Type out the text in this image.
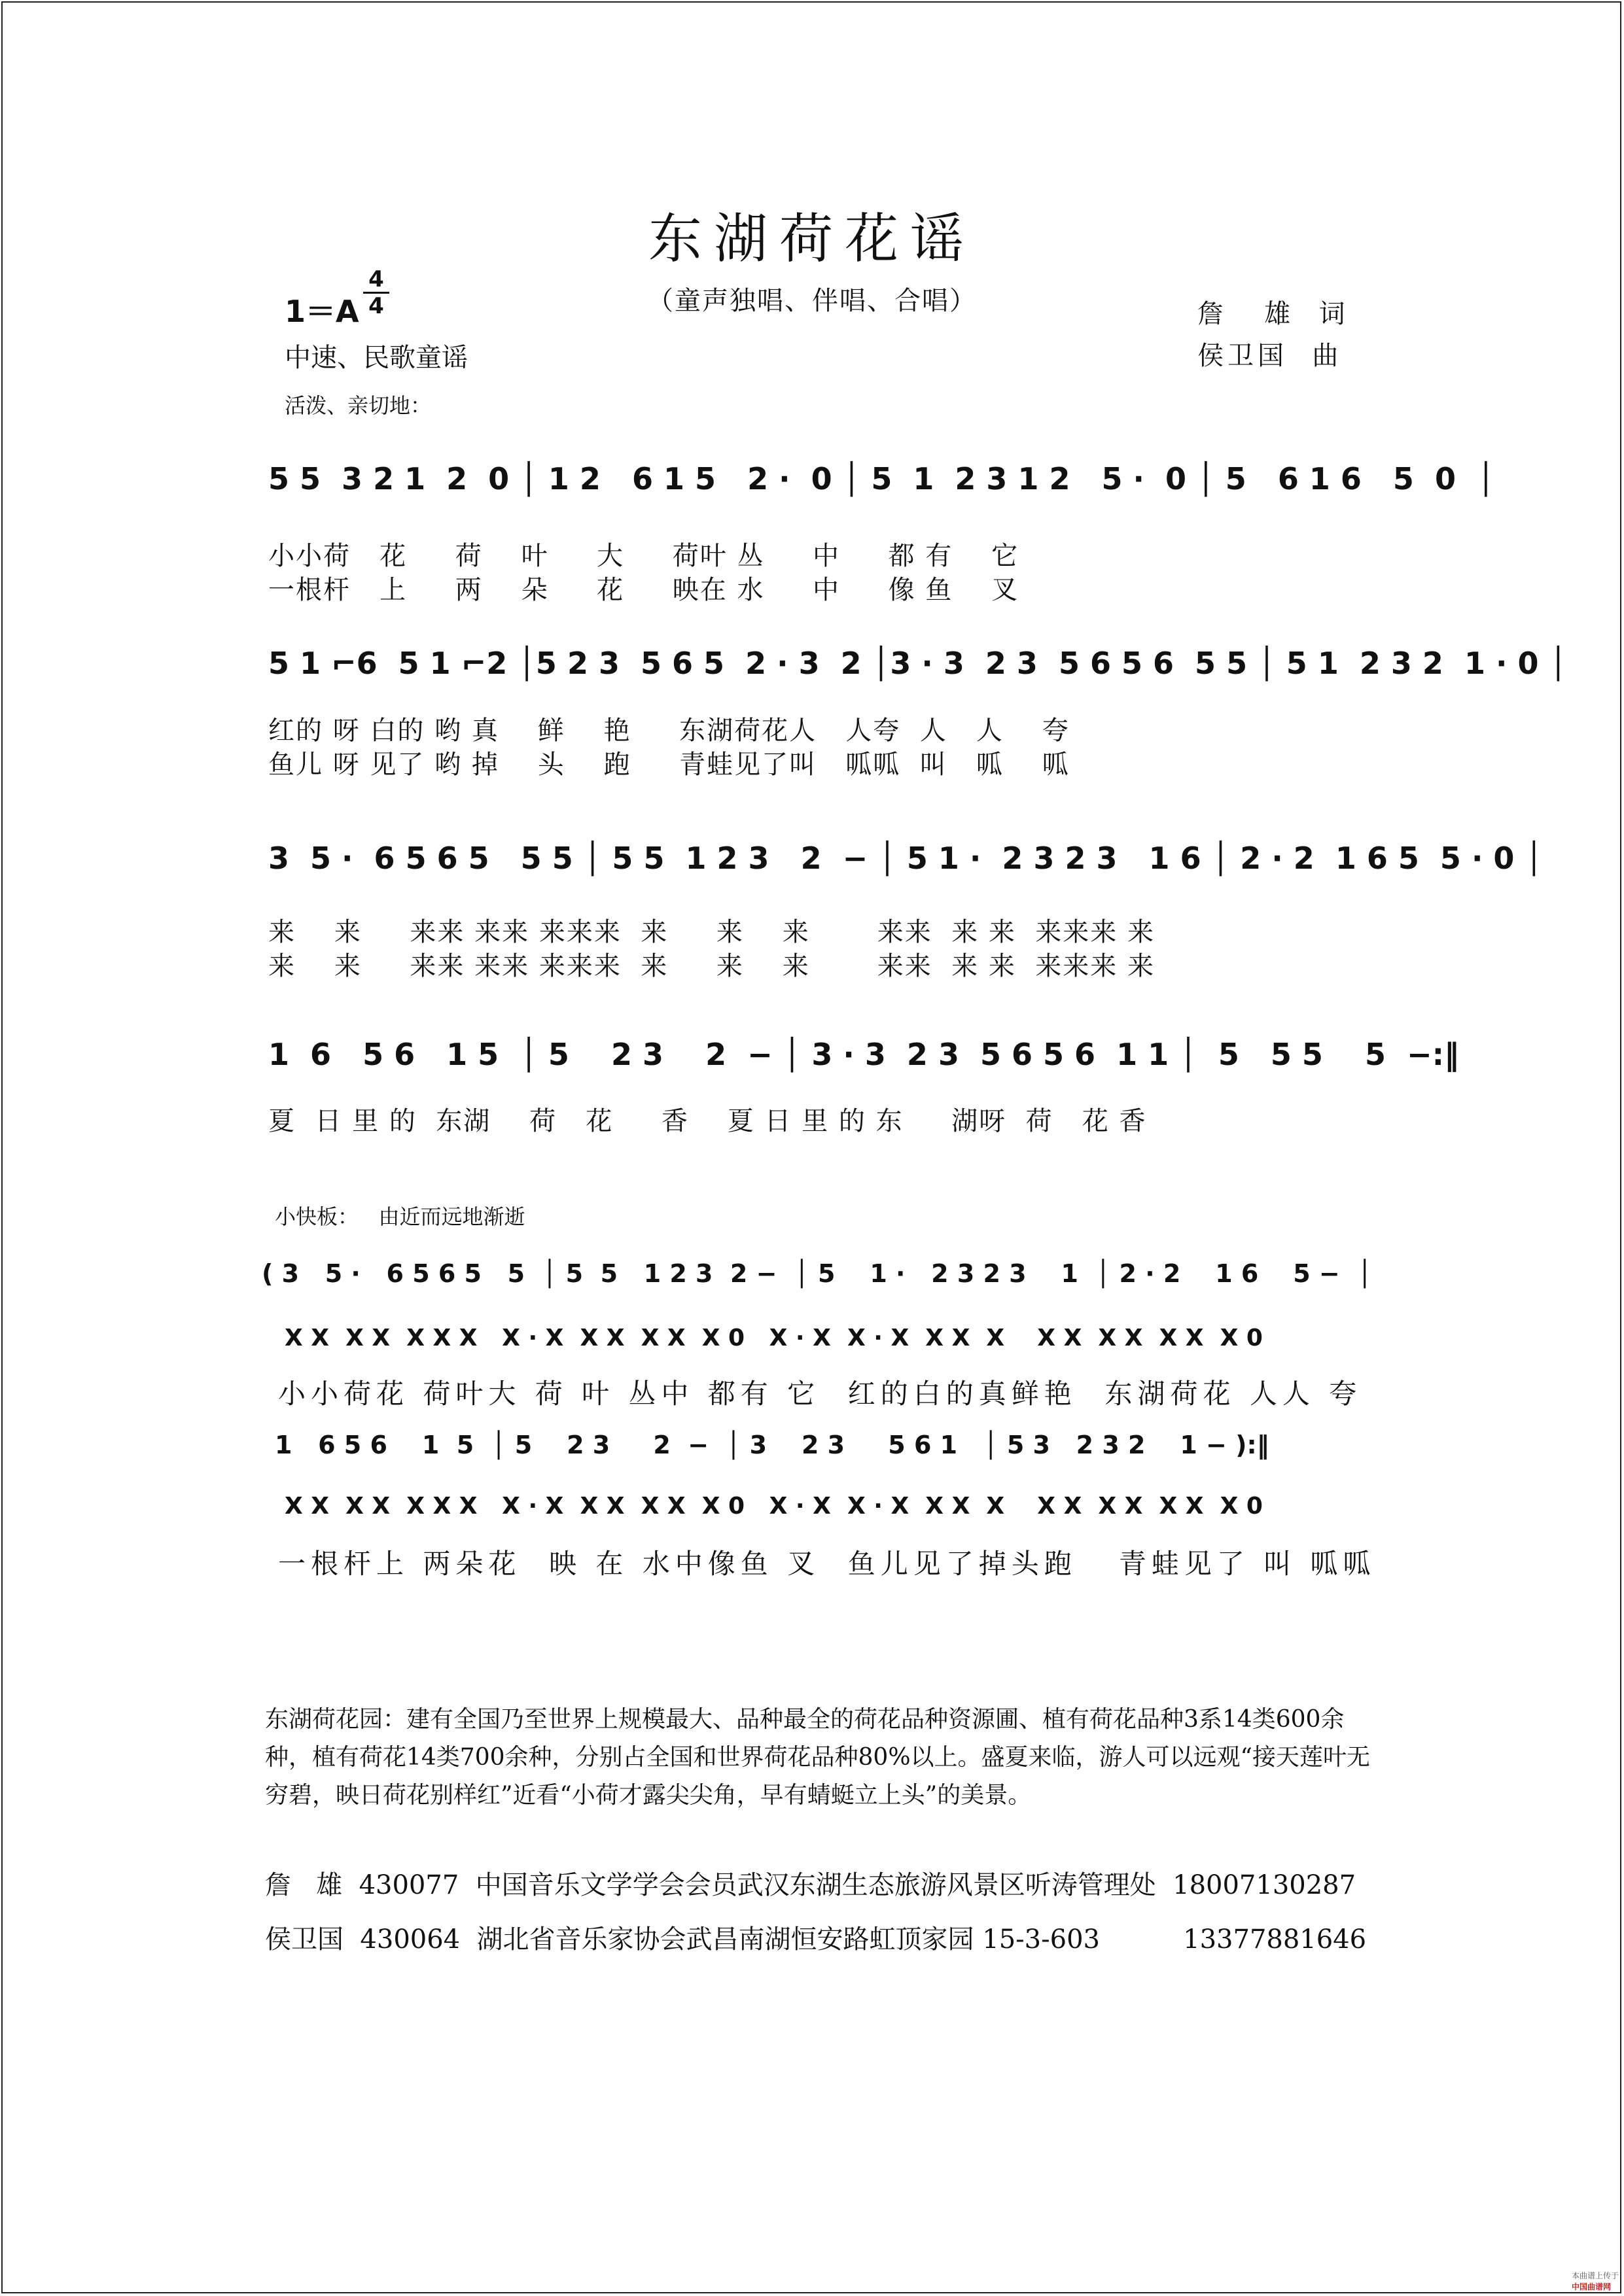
东湖荷花谣
（童声独唱、伴唱、合唱）
1＝A
4
4
中速、民歌童谣
活泼、亲切地：
詹   雄  词
侯卫国  曲
5 5  3 2 1  2  0 │ 1 2   6 1 5   2 ·  0 │ 5  1  2 3 1 2   5 ·  0 │ 5   6 1 6   5  0  │
小小荷   花     荷    叶     大     荷叶 丛     中     都 有    它
一根杆   上     两    朵     花     映在 水     中     像 鱼    叉
5 1 ⌐6  5 1 ⌐2 │5 2 3  5 6 5  2 · 3  2 │3 · 3  2 3  5 6 5 6  5 5 │ 5 1  2 3 2  1 · 0 │
红的 呀 白的 哟 真    鲜    艳     东湖荷花人   人夸  人   人    夸
鱼儿 呀 见了 哟 掉    头    跑     青蛙见了叫   呱呱  叫   呱    呱
3  5 ·  6 5 6 5   5 5 │ 5 5  1 2 3   2  − │ 5 1 ·  2 3 2 3   1 6 │ 2 · 2  1 6 5  5 · 0 │
来    来     来来 来来 来来来  来     来    来       来来  来 来  来来来 来
来    来     来来 来来 来来来  来     来    来       来来  来 来  来来来 来
1  6   5 6   1 5  │ 5    2 3    2  − │ 3 · 3  2 3  5 6 5 6  1 1 │  5   5 5    5  −:‖
夏  日 里 的  东湖    荷   花     香    夏 日 里 的 东     湖呀  荷   花 香
小快板：   由近而远地渐逝
( 3   5 ·   6 5 6 5   5  │ 5  5   1 2 3  2 −  │ 5    1 ·   2 3 2 3    1  │ 2 · 2    1 6    5 −  │
X X  X X  X X X   X · X  X X  X X  X 0   X · X  X · X  X X  X    X X  X X  X X  X 0
小小荷花 荷叶大 荷 叶 丛中 都有 它  红的白的真鲜艳  东湖荷花 人人 夸
1   6 5 6    1  5  │ 5    2 3     2  −  │ 3    2 3     5 6 1   │ 5 3   2 3 2    1 − ):‖
X X  X X  X X X   X · X  X X  X X  X 0   X · X  X · X  X X  X    X X  X X  X X  X 0
一根杆上 两朵花  映 在 水中像鱼 叉  鱼儿见了掉头跑   青蛙见了 叫 呱呱
东湖荷花园：建有全国乃至世界上规模最大、品种最全的荷花品种资源圃、植有荷花品种3系14类600余种，植有荷花14类700余种，分别占全国和世界荷花品种80%以上。盛夏来临，游人可以远观“接天莲叶无穷碧，映日荷花别样红”近看“小荷才露尖尖角，早有蜻蜓立上头”的美景。
詹   雄  430077  中国音乐文学学会会员武汉东湖生态旅游风景区听涛管理处  18007130287
侯卫国  430064  湖北省音乐家协会武昌南湖恒安路虹顶家园 15-3-603          13377881646

本曲谱上传于
中国曲谱网
